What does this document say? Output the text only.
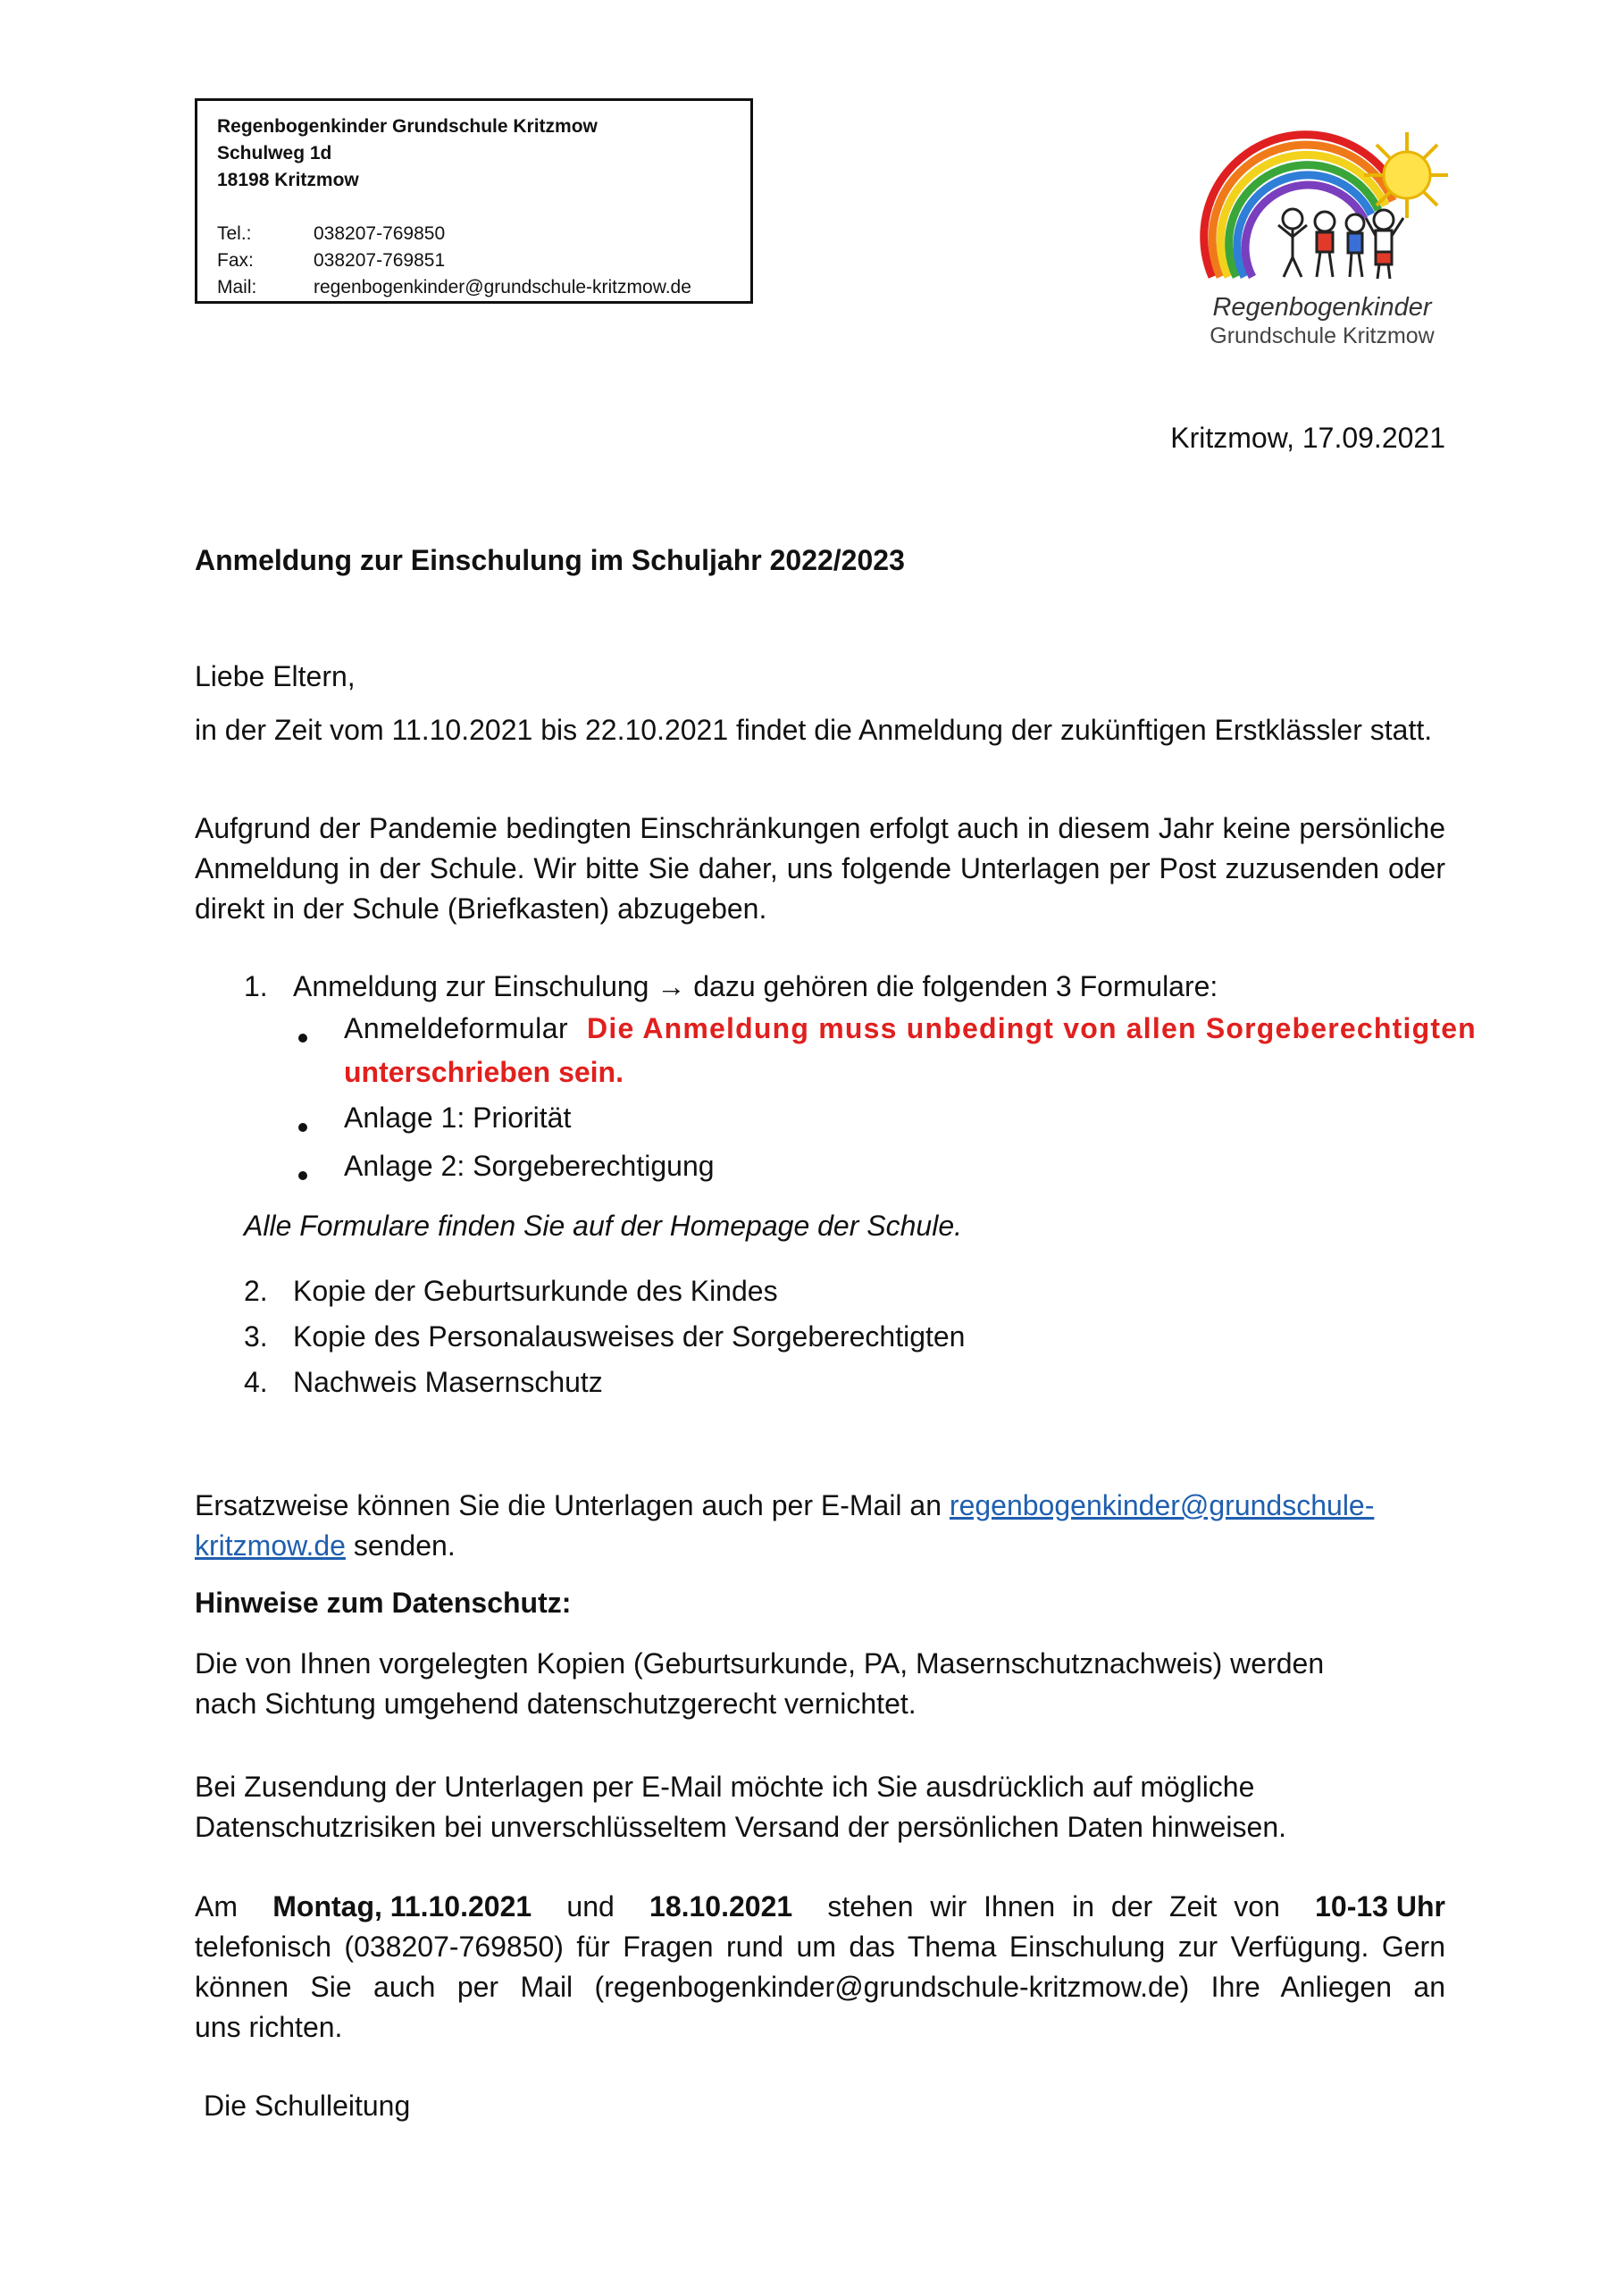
Regenbogenkinder Grundschule Kritzmow
Schulweg 1d
18198 Kritzmow
Tel.:	038207-769850
Fax:	038207-769851
Mail:	regenbogenkinder@grundschule-kritzmow.de
Regenbogenkinder
Grundschule Kritzmow
Kritzmow, 17.09.2021
Anmeldung zur Einschulung im Schuljahr 2022/2023
Liebe Eltern,
in der Zeit vom 11.10.2021 bis 22.10.2021 findet die Anmeldung der zukünftigen Erstklässler statt.
Aufgrund der Pandemie bedingten Einschränkungen erfolgt auch in diesem Jahr keine persönliche Anmeldung in der Schule. Wir bitte Sie daher, uns folgende Unterlagen per Post zuzusenden oder direkt in der Schule (Briefkasten) abzugeben.
1. Anmeldung zur Einschulung → dazu gehören die folgenden 3 Formulare:
Anmeldeformular Die Anmeldung muss unbedingt von allen Sorgeberechtigten
unterschrieben sein.
Anlage 1: Priorität
Anlage 2: Sorgeberechtigung
Alle Formulare finden Sie auf der Homepage der Schule.
2. Kopie der Geburtsurkunde des Kindes
3. Kopie des Personalausweises der Sorgeberechtigten
4. Nachweis Masernschutz
Ersatzweise können Sie die Unterlagen auch per E-Mail an regenbogenkinder@grundschule-
kritzmow.de senden.
Hinweise zum Datenschutz:
Die von Ihnen vorgelegten Kopien (Geburtsurkunde, PA, Masernschutznachweis) werden
nach Sichtung umgehend datenschutzgerecht vernichtet.
Bei Zusendung der Unterlagen per E-Mail möchte ich Sie ausdrücklich auf mögliche
Datenschutzrisiken bei unverschlüsseltem Versand der persönlichen Daten hinweisen.
Am Montag, 11.10.2021 und 18.10.2021 stehen wir Ihnen in der Zeit von 10-13 Uhr
telefonisch (038207-769850) für Fragen rund um das Thema Einschulung zur Verfügung. Gern
können Sie auch per Mail (regenbogenkinder@grundschule-kritzmow.de) Ihre Anliegen an
uns richten.
Die Schulleitung
